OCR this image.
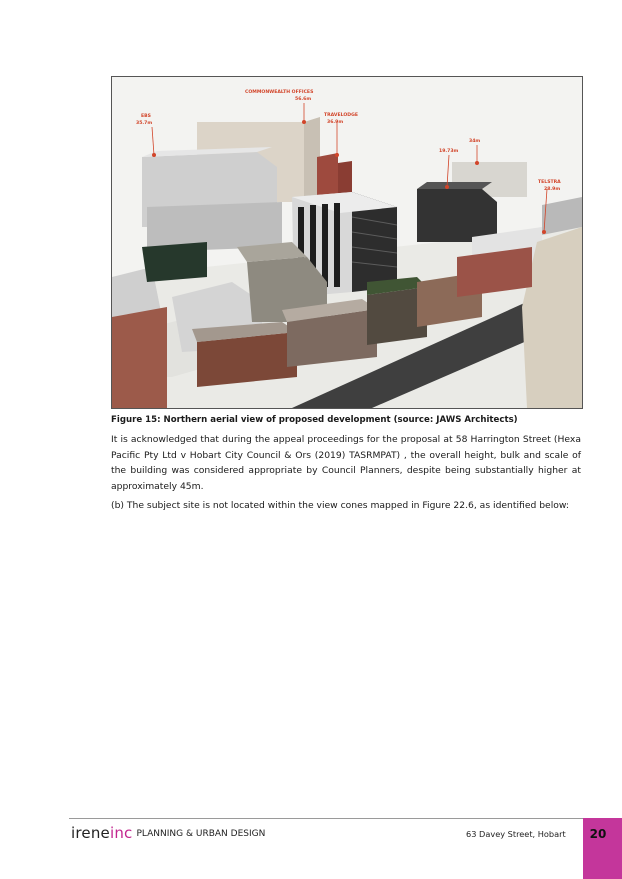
COMMONWEALTH OFFICES
56.6m
EBS
35.7m
TRAVELODGE
36.9m
34m
19.73m
TELSTRA
28.9m

Figure 15: Northern aerial view of proposed development (source: JAWS Architects)

It is acknowledged that during the appeal proceedings for the proposal at 58 Harrington Street (Hexa Pacific Pty Ltd v Hobart City Council & Ors (2019) TASRMPAT) , the overall height, bulk and scale of the building was considered appropriate by Council Planners, despite being substantially higher at approximately 45m.

(b) The subject site is not located within the view cones mapped in Figure 22.6, as identified below:

ireneinc PLANNING & URBAN DESIGN	63 Davey Street, Hobart	20
